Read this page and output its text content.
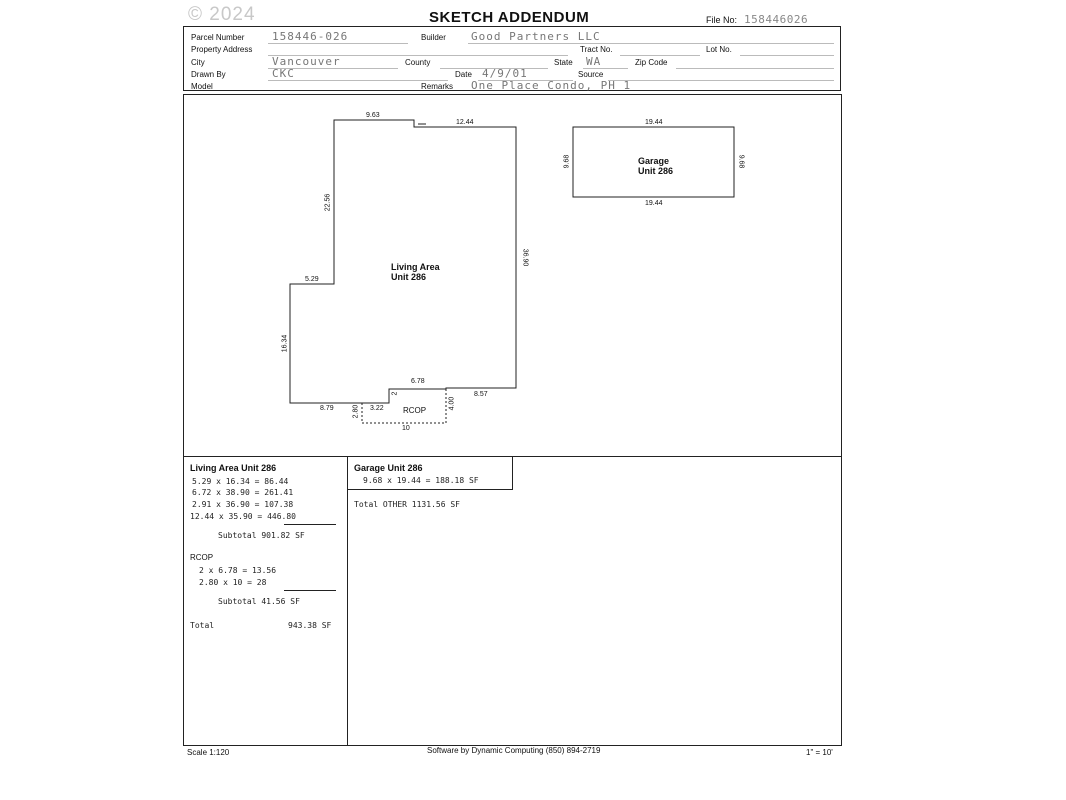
© 2024	SKETCH ADDENDUM	File No: 158446026
Parcel Number	158446-026	Builder Good Partners LLC
Property Address	Tract No.	Lot No.
City	Vancouver	County	State WA	Zip Code
Drawn By	CKC	Date 4/9/01	Source
Model	Remarks One Place Condo, PH 1
Living Area
Unit 286
9.63
12.44
22.56
36.90
5.29
16.34
6.78
2
8.79
8.57
RCOP
2.80 3.22	4.00
10
Garage
Unit 286
19.44
19.44
9.68	9.68
Living Area Unit 286
5.29 x 16.34 = 86.44
6.72 x 38.90 = 261.41
2.91 x 36.90 = 107.38
12.44 x 35.90 = 446.80
Subtotal 901.82 SF
RCOP
2 x 6.78 = 13.56
2.80 x 10 = 28
Subtotal 41.56 SF
Total	943.38 SF
Garage Unit 286
9.68 x 19.44 = 188.18 SF
Total OTHER 1131.56 SF
Scale 1:120	Software by Dynamic Computing (850) 894-2719	1" = 10'
